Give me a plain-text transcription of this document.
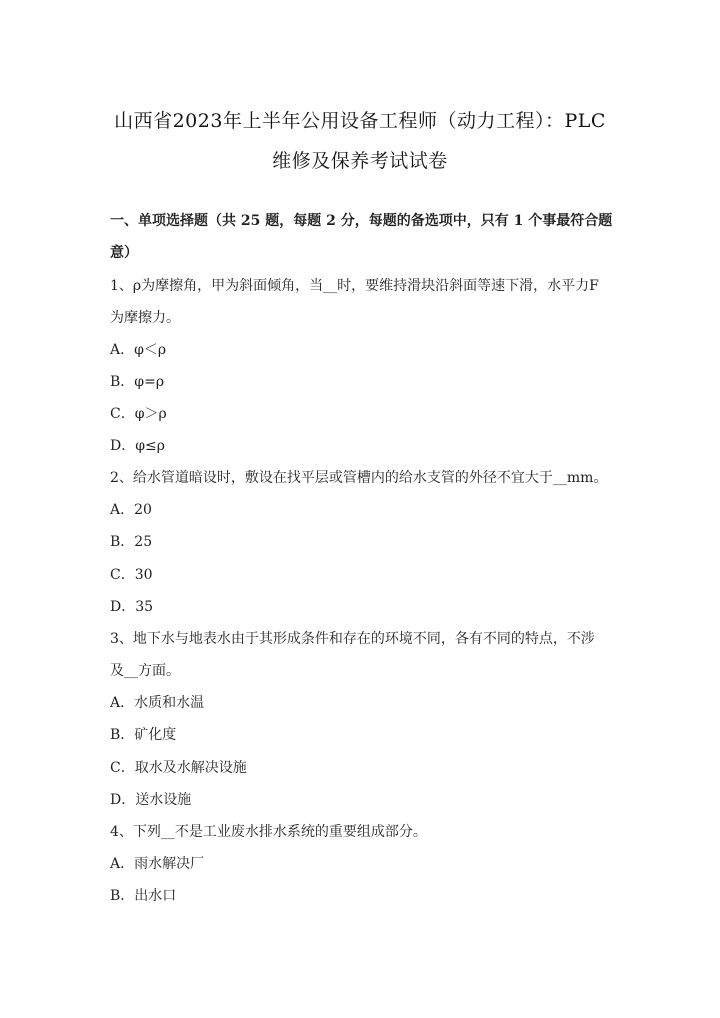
山西省2023年上半年公用设备工程师（动力工程）：PLC
维修及保养考试试卷
一、单项选择题（共 25 题，每题 2 分，每题的备选项中，只有 1 个事最符合题
意）
1、ρ为摩擦角，甲为斜面倾角，当__时，要维持滑块沿斜面等速下滑，水平力F
为摩擦力。
A．φ＜ρ
B．φ=ρ
C．φ＞ρ
D．φ≤ρ
2、给水管道暗设时，敷设在找平层或管槽内的给水支管的外径不宜大于__mm。
A．20
B．25
C．30
D．35
3、地下水与地表水由于其形成条件和存在的环境不同，各有不同的特点，不涉
及__方面。
A．水质和水温
B．矿化度
C．取水及水解决设施
D．送水设施
4、下列__不是工业废水排水系统的重要组成部分。
A．雨水解决厂
B．出水口
